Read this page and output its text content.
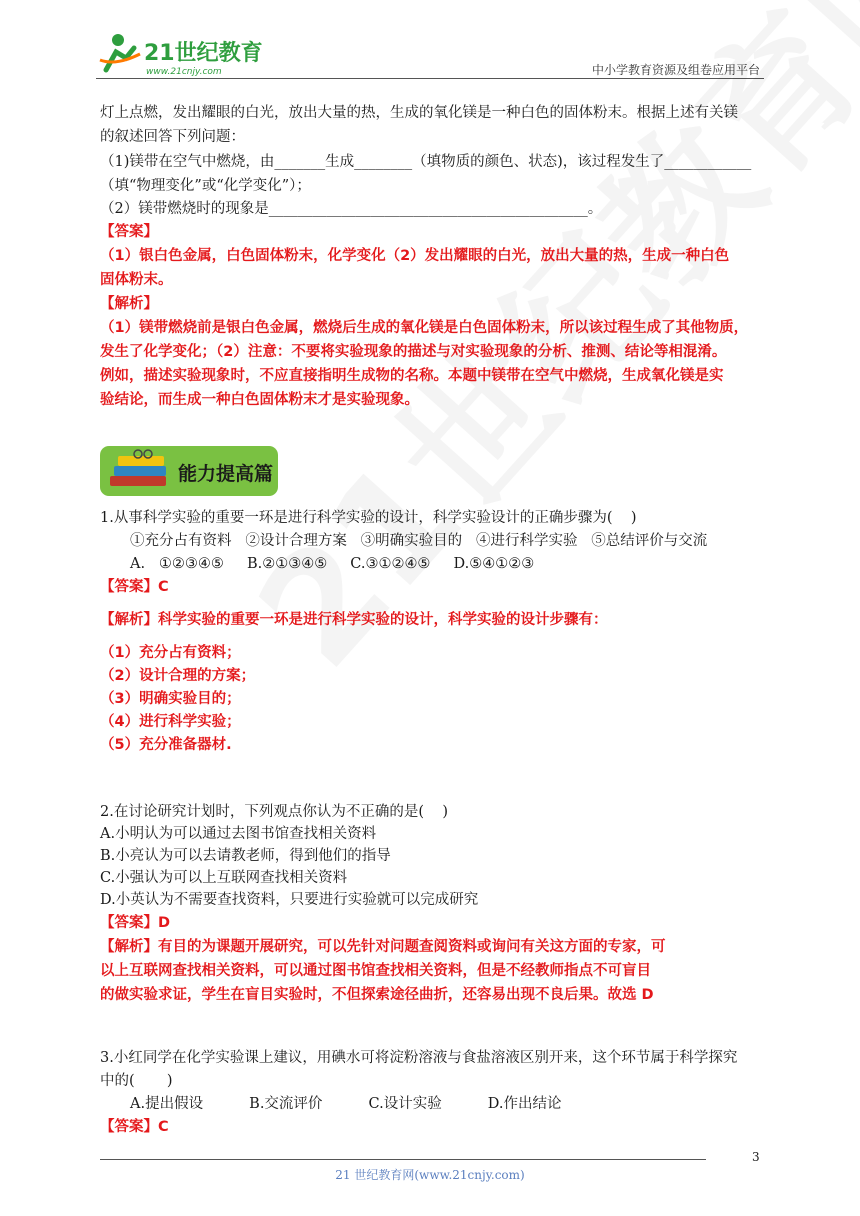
21世纪教育
www.21cnjy.com	中小学教育资源及组卷应用平台
灯上点燃，发出耀眼的白光，放出大量的热，生成的氧化镁是一种白色的固体粉末。根据上述有关镁
的叙述回答下列问题：
（1)镁带在空气中燃烧，由_______生成________（填物质的颜色、状态)，该过程发生了____________
（填“物理变化”或“化学变化”）；
（2）镁带燃烧时的现象是____________________________________________。
【答案】
（1）银白色金属，白色固体粉末，化学变化（2）发出耀眼的白光，放出大量的热，生成一种白色
固体粉末。
【解析】
（1）镁带燃烧前是银白色金属，燃烧后生成的氧化镁是白色固体粉末，所以该过程生成了其他物质，
发生了化学变化；（2）注意：不要将实验现象的描述与对实验现象的分析、推测、结论等相混淆。
例如，描述实验现象时，不应直接指明生成物的名称。本题中镁带在空气中燃烧，生成氧化镁是实
验结论，而生成一种白色固体粉末才是实验现象。
能力提高篇
1.从事科学实验的重要一环是进行科学实验的设计，科学实验设计的正确步骤为(    )
①充分占有资料   ②设计合理方案   ③明确实验目的   ④进行科学实验   ⑤总结评价与交流
A.   ①②③④⑤     B.②①③④⑤     C.③①②④⑤     D.⑤④①②③
【答案】C
【解析】科学实验的重要一环是进行科学实验的设计，科学实验的设计步骤有：
（1）充分占有资料；
（2）设计合理的方案；
（3）明确实验目的；
（4）进行科学实验；
（5）充分准备器材.
2.在讨论研究计划时，下列观点你认为不正确的是(    )
A.小明认为可以通过去图书馆查找相关资料
B.小亮认为可以去请教老师，得到他们的指导
C.小强认为可以上互联网查找相关资料
D.小英认为不需要查找资料，只要进行实验就可以完成研究
【答案】D
【解析】有目的为课题开展研究，可以先针对问题查阅资料或询问有关这方面的专家，可
以上互联网查找相关资料，可以通过图书馆查找相关资料，但是不经教师指点不可盲目
的做实验求证，学生在盲目实验时，不但探索途径曲折，还容易出现不良后果。故选 D
3.小红同学在化学实验课上建议，用碘水可将淀粉溶液与食盐溶液区别开来，这个环节属于科学探究
中的(       )
A.提出假设          B.交流评价          C.设计实验          D.作出结论
【答案】C
3
21 世纪教育网(www.21cnjy.com)
